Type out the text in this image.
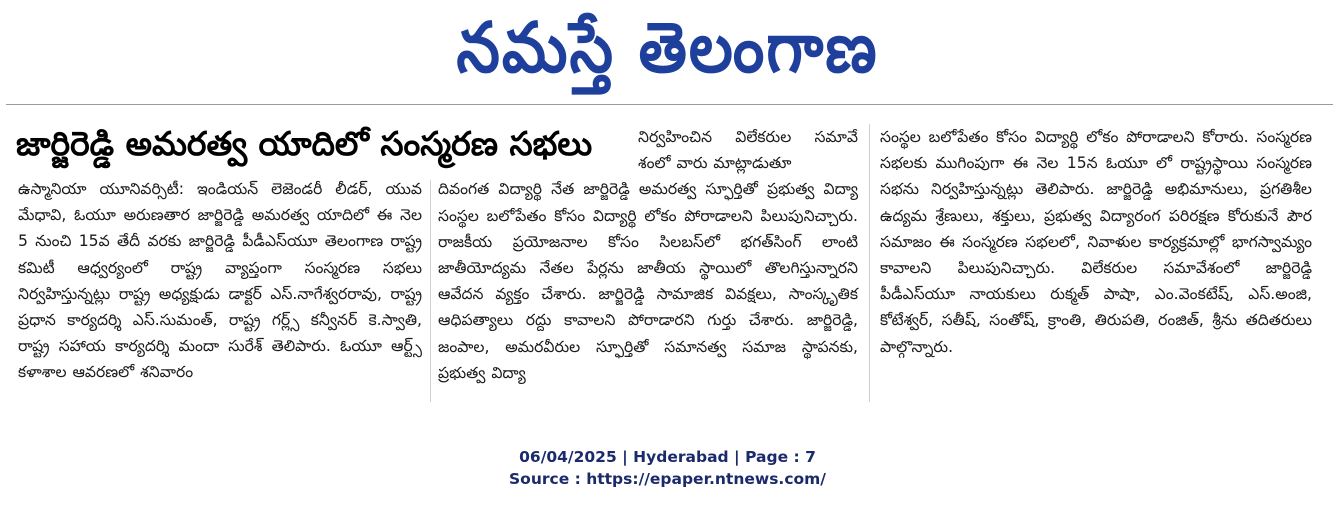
నమస్తే తెలంగాణ
జార్జిరెడ్డి అమరత్వ యాదిలో సంస్మరణ సభలు

ఉస్మానియా యూనివర్సిటీ: ఇండియన్ లెజెండరీ లీడర్, యువ మేధావి, ఓయూ అరుణతార జార్జిరెడ్డి అమరత్వ యాదిలో ఈ నెల 5 నుంచి 15వ తేదీ వరకు జార్జిరెడ్డి పీడీఎస్‌యూ తెలంగాణ రాష్ట్ర కమిటీ ఆధ్వర్యంలో రాష్ట్ర వ్యాప్తంగా సంస్మరణ సభలు నిర్వహిస్తున్నట్లు రాష్ట్ర అధ్యక్షుడు డాక్టర్ ఎస్.నాగేశ్వరరావు, రాష్ట్ర ప్రధాన కార్యదర్శి ఎస్.సుమంత్, రాష్ట్ర గర్ల్స్ కన్వీనర్ కె.స్వాతి, రాష్ట్ర సహాయ కార్యదర్శి మందా సురేశ్ తెలిపారు. ఓయూ ఆర్ట్స్ కళాశాల ఆవరణలో శనివారం

నిర్వహించిన విలేకరుల సమావే శంలో వారు మాట్లాడుతూ

దివంగత విద్యార్థి నేత జార్జిరెడ్డి అమరత్వ స్ఫూర్తితో ప్రభుత్వ విద్యా సంస్థల బలోపేతం కోసం విద్యార్థి లోకం పోరాడాలని పిలుపునిచ్చారు. రాజకీయ ప్రయోజనాల కోసం సిలబస్‌లో భగత్‌సింగ్ లాంటి జాతీయోద్యమ నేతల పేర్లను జాతీయ స్థాయిలో తొలగిస్తున్నారని ఆవేదన వ్యక్తం చేశారు. జార్జిరెడ్డి సామాజిక వివక్షలు, సాంస్కృతిక ఆధిపత్యాలు రద్దు కావాలని పోరాడారని గుర్తు చేశారు. జార్జిరెడ్డి, జంపాల, అమరవీరుల స్ఫూర్తితో సమానత్వ సమాజ స్థాపనకు, ప్రభుత్వ విద్యా

సంస్థల బలోపేతం కోసం విద్యార్థి లోకం పోరాడాలని కోరారు. సంస్మరణ సభలకు ముగింపుగా ఈ నెల 15న ఓయూ లో రాష్ట్రస్థాయి సంస్మరణ సభను నిర్వహిస్తున్నట్లు తెలిపారు. జార్జిరెడ్డి అభిమానులు, ప్రగతిశీల ఉద్యమ శ్రేణులు, శక్తులు, ప్రభుత్వ విద్యారంగ పరిరక్షణ కోరుకునే పౌర సమాజం ఈ సంస్మరణ సభలలో, నివాళుల కార్యక్రమాల్లో భాగస్వామ్యం కావాలని పిలుపునిచ్చారు. విలేకరుల సమావేశంలో జార్జిరెడ్డి పీడీఎస్‌యూ నాయకులు రుక్మత్ పాషా, ఎం.వెంకటేష్, ఎస్.అంజి, కోటేశ్వర్, సతీష్, సంతోష్, క్రాంతి, తిరుపతి, రంజిత్, శ్రీను తదితరులు పాల్గొన్నారు.

06/04/2025 | Hyderabad | Page : 7
Source : https://epaper.ntnews.com/
